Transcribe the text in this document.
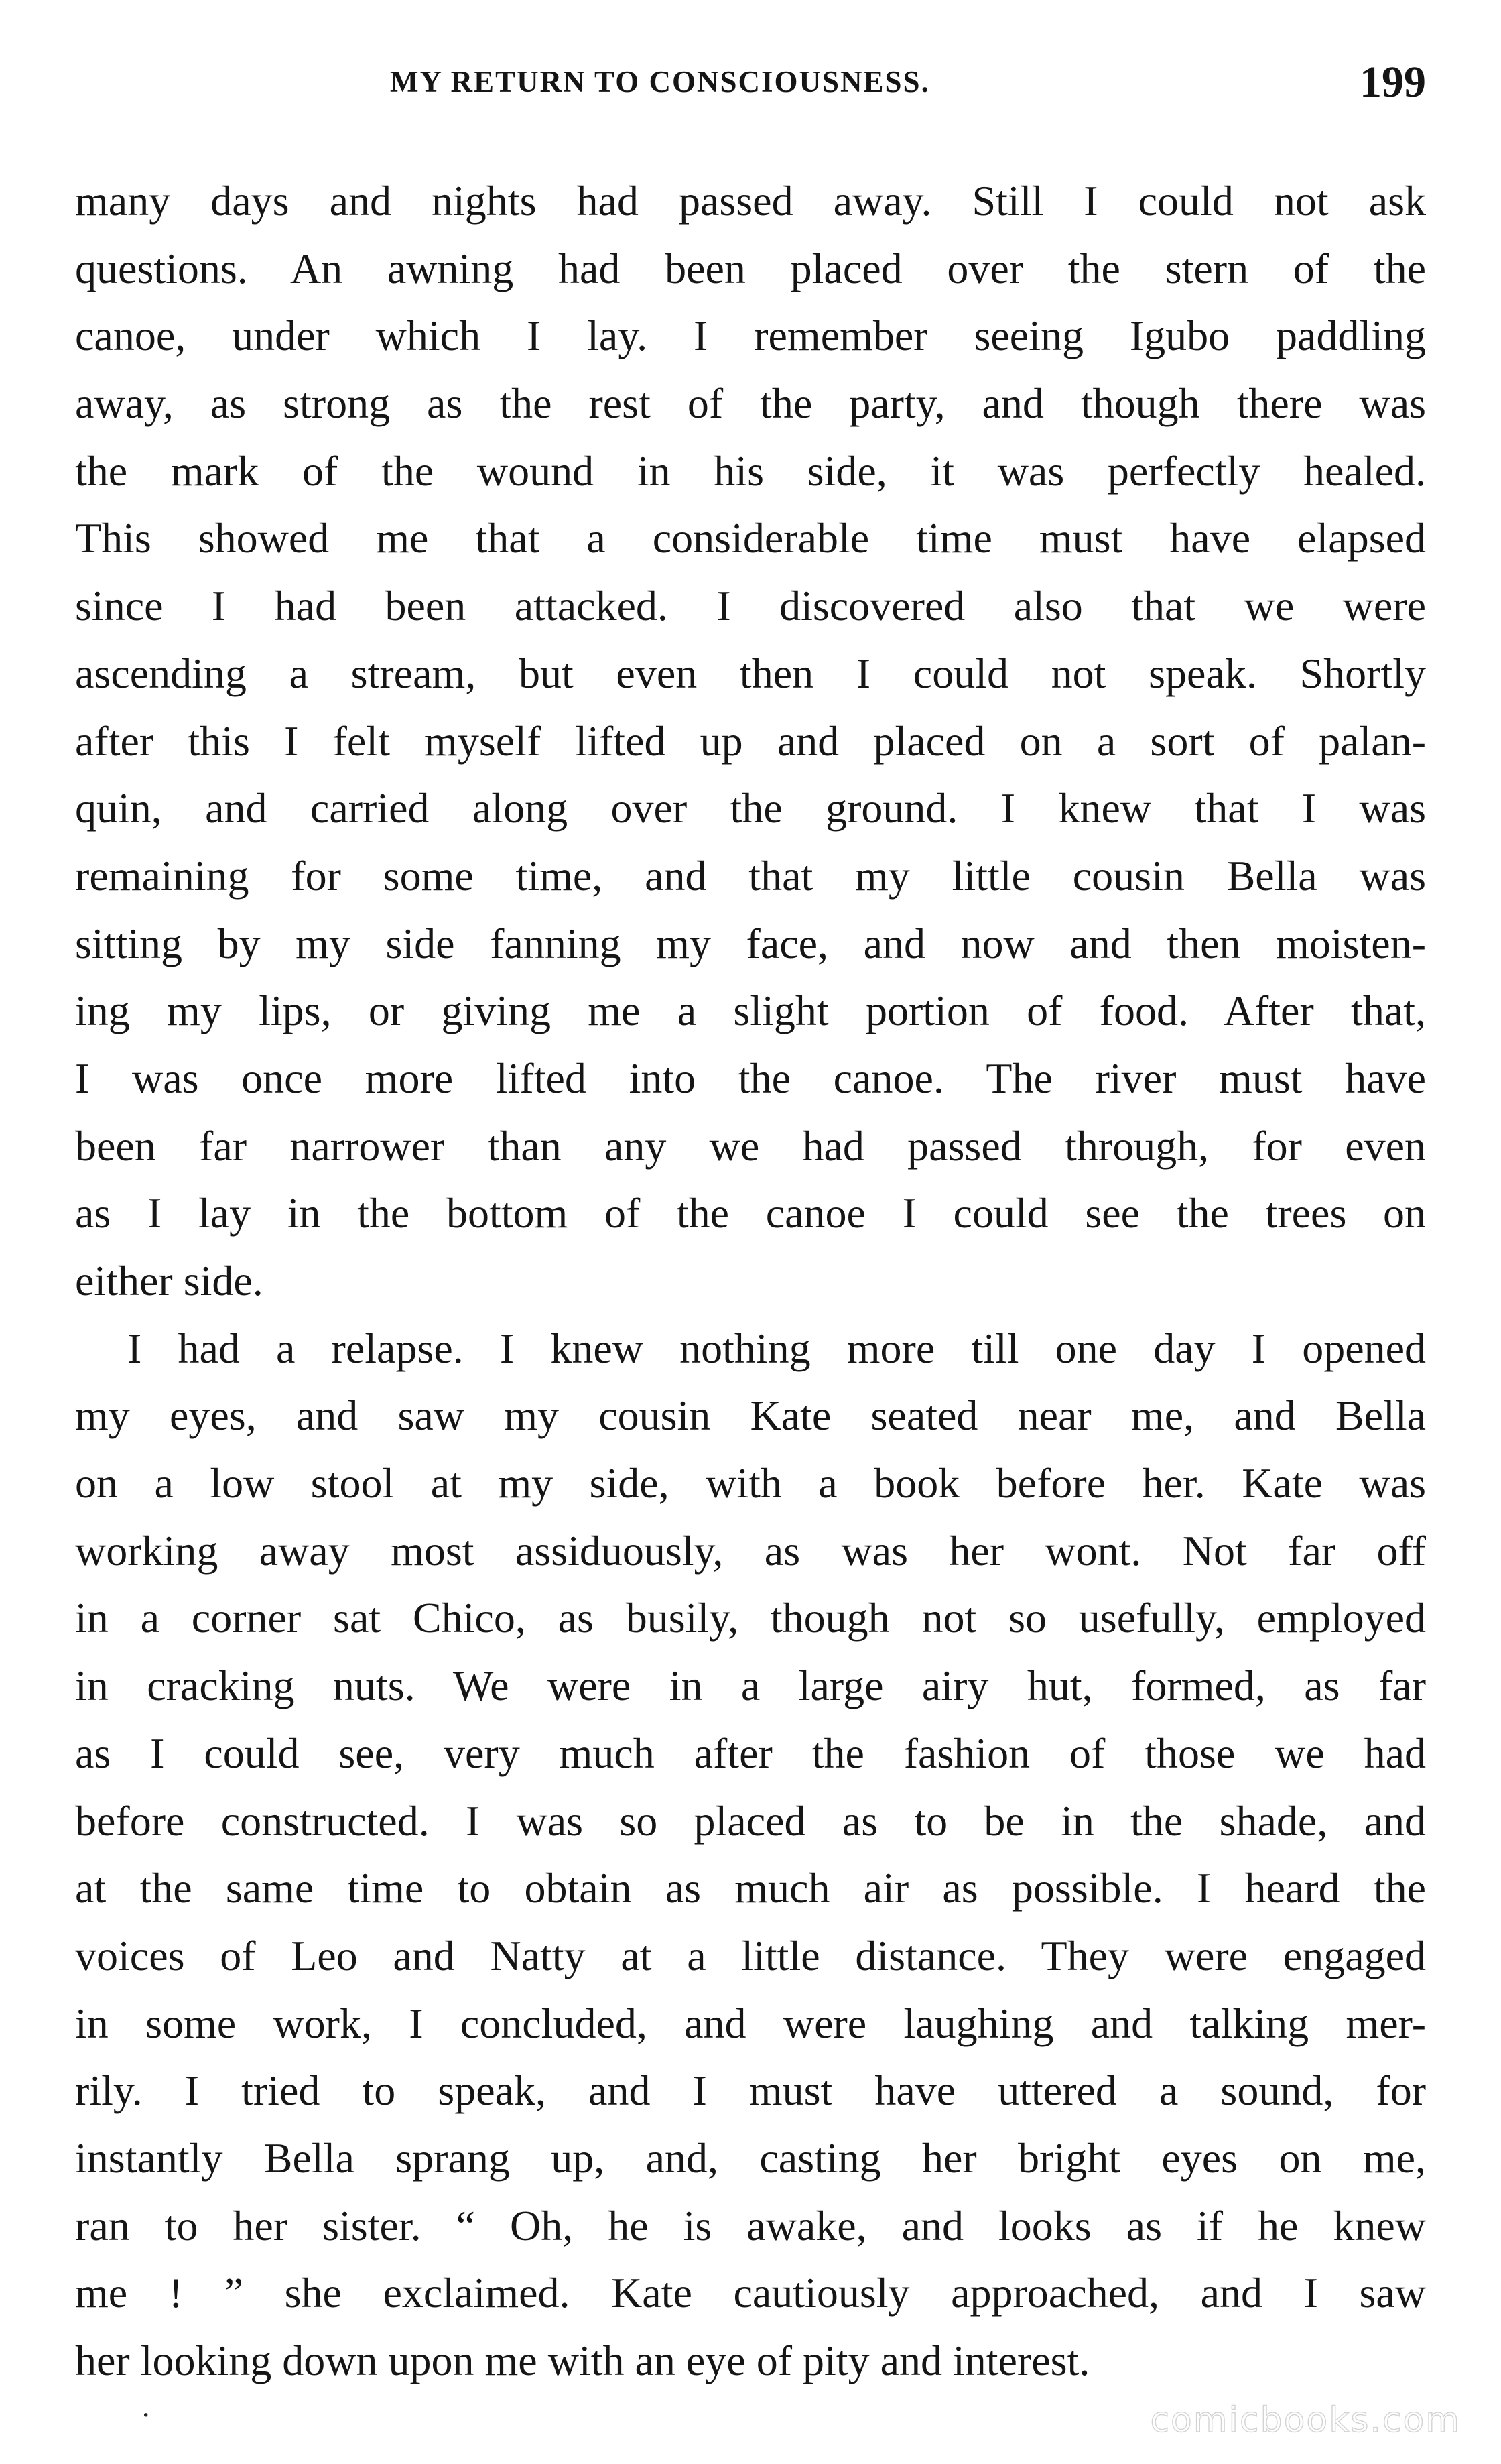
MY RETURN TO CONSCIOUSNESS.	199
many days and nights had passed away. Still I could not ask
questions. An awning had been placed over the stern of the
canoe, under which I lay. I remember seeing Igubo paddling
away, as strong as the rest of the party, and though there was
the mark of the wound in his side, it was perfectly healed.
This showed me that a considerable time must have elapsed
since I had been attacked. I discovered also that we were
ascending a stream, but even then I could not speak. Shortly
after this I felt myself lifted up and placed on a sort of palan-
quin, and carried along over the ground. I knew that I was
remaining for some time, and that my little cousin Bella was
sitting by my side fanning my face, and now and then moisten-
ing my lips, or giving me a slight portion of food. After that,
I was once more lifted into the canoe. The river must have
been far narrower than any we had passed through, for even
as I lay in the bottom of the canoe I could see the trees on
either side.
I had a relapse. I knew nothing more till one day I opened
my eyes, and saw my cousin Kate seated near me, and Bella
on a low stool at my side, with a book before her. Kate was
working away most assiduously, as was her wont. Not far off
in a corner sat Chico, as busily, though not so usefully, employed
in cracking nuts. We were in a large airy hut, formed, as far
as I could see, very much after the fashion of those we had
before constructed. I was so placed as to be in the shade, and
at the same time to obtain as much air as possible. I heard the
voices of Leo and Natty at a little distance. They were engaged
in some work, I concluded, and were laughing and talking mer-
rily. I tried to speak, and I must have uttered a sound, for
instantly Bella sprang up, and, casting her bright eyes on me,
ran to her sister. “ Oh, he is awake, and looks as if he knew
me ! ” she exclaimed. Kate cautiously approached, and I saw
her looking down upon me with an eye of pity and interest.
·	comicbooks.com
